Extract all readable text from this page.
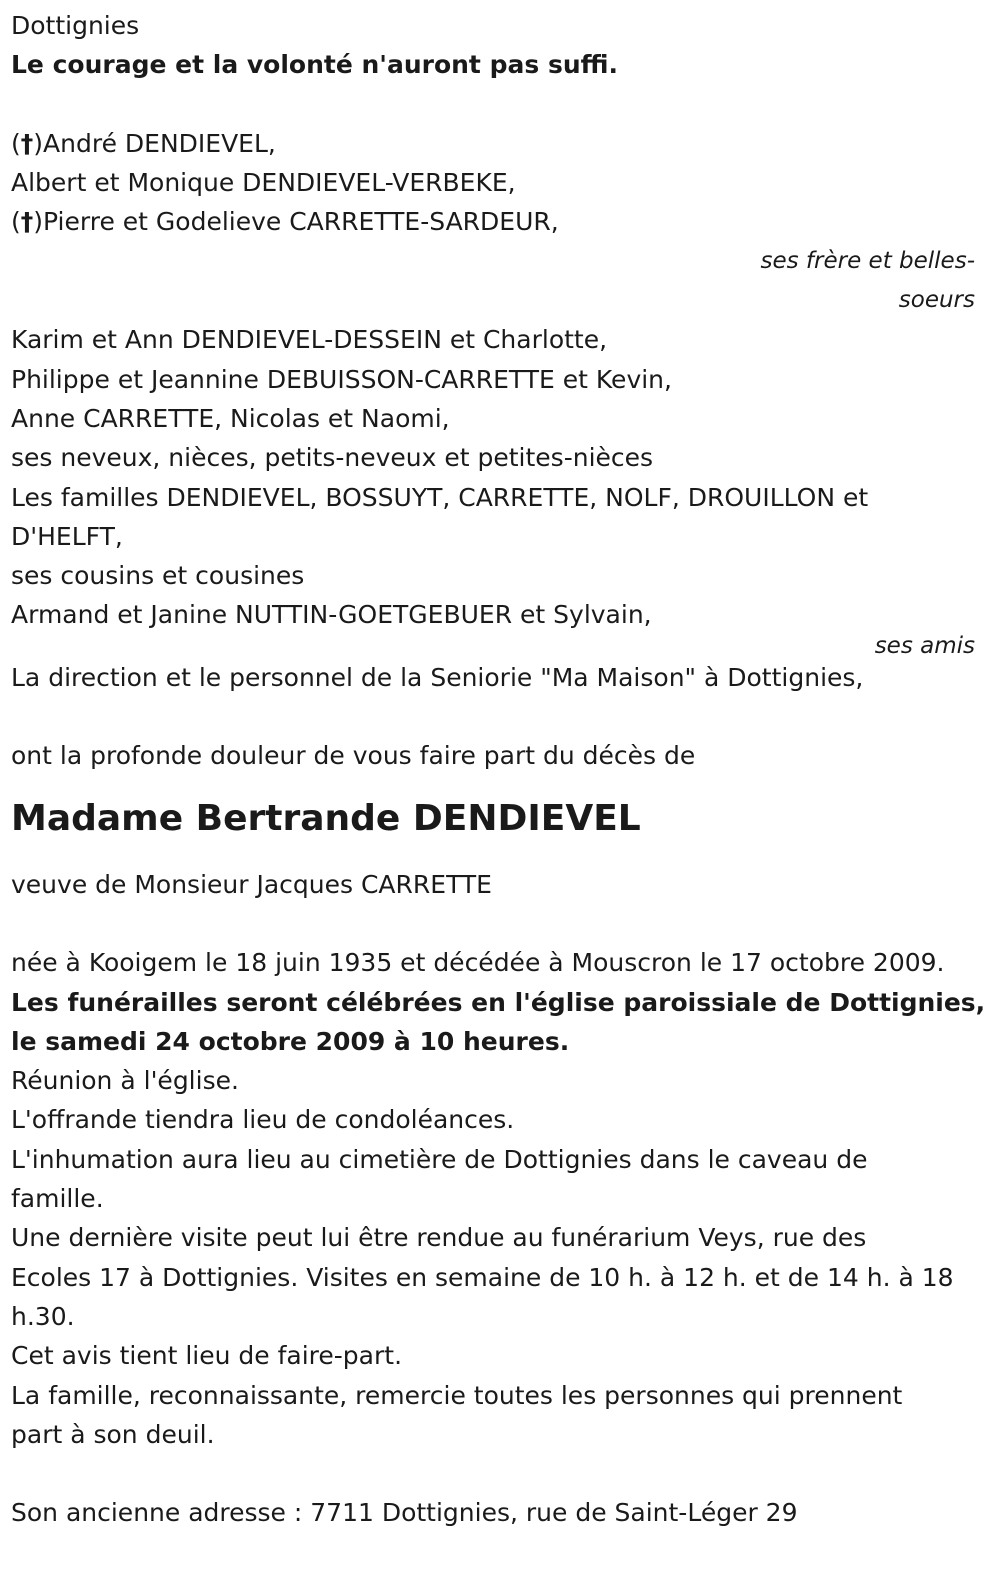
Dottignies
Le courage et la volonté n'auront pas suffi.
(†)André DENDIEVEL,
Albert et Monique DENDIEVEL-VERBEKE,
(†)Pierre et Godelieve CARRETTE-SARDEUR,
ses frère et belles-
soeurs
Karim et Ann DENDIEVEL-DESSEIN et Charlotte,
Philippe et Jeannine DEBUISSON-CARRETTE et Kevin,
Anne CARRETTE, Nicolas et Naomi,
ses neveux, nièces, petits-neveux et petites-nièces
Les familles DENDIEVEL, BOSSUYT, CARRETTE, NOLF, DROUILLON et
D'HELFT,
ses cousins et cousines
Armand et Janine NUTTIN-GOETGEBUER et Sylvain,
ses amis
La direction et le personnel de la Seniorie "Ma Maison" à Dottignies,
ont la profonde douleur de vous faire part du décès de
Madame Bertrande DENDIEVEL
veuve de Monsieur Jacques CARRETTE
née à Kooigem le 18 juin 1935 et décédée à Mouscron le 17 octobre 2009.
Les funérailles seront célébrées en l'église paroissiale de Dottignies,
le samedi 24 octobre 2009 à 10 heures.
Réunion à l'église.
L'offrande tiendra lieu de condoléances.
L'inhumation aura lieu au cimetière de Dottignies dans le caveau de
famille.
Une dernière visite peut lui être rendue au funérarium Veys, rue des
Ecoles 17 à Dottignies. Visites en semaine de 10 h. à 12 h. et de 14 h. à 18
h.30.
Cet avis tient lieu de faire-part.
La famille, reconnaissante, remercie toutes les personnes qui prennent
part à son deuil.
Son ancienne adresse : 7711 Dottignies, rue de Saint-Léger 29
